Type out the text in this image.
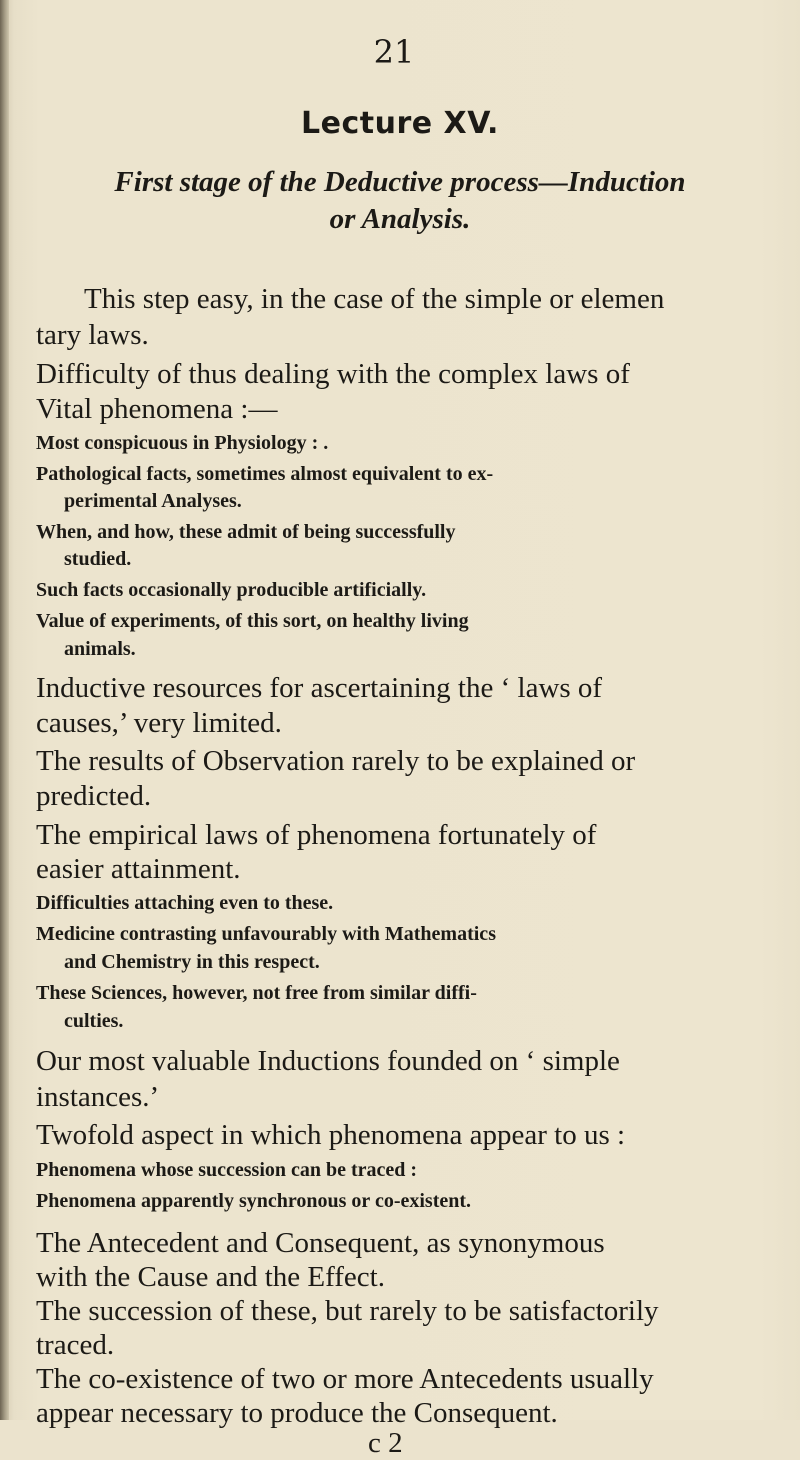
21
Lecture XV.
First stage of the Deductive process—Induction
or Analysis.

This step easy, in the case of the simple or elemen

tary laws.

Difficulty of thus dealing with the complex laws of

Vital phenomena :—

Most conspicuous in Physiology : .

Pathological facts, sometimes almost equivalent to ex-

perimental Analyses.

When, and how, these admit of being successfully

studied.

Such facts occasionally producible artificially.

Value of experiments, of this sort, on healthy living

animals.

Inductive resources for ascertaining the ‘ laws of

causes,’ very limited.

The results of Observation rarely to be explained or

predicted.

The empirical laws of phenomena fortunately of

easier attainment.

Difficulties attaching even to these.

Medicine contrasting unfavourably with Mathematics

and Chemistry in this respect.

These Sciences, however, not free from similar diffi-

culties.

Our most valuable Inductions founded on ‘ simple

instances.’

Twofold aspect in which phenomena appear to us :

Phenomena whose succession can be traced :

Phenomena apparently synchronous or co-existent.

The Antecedent and Consequent, as synonymous

with the Cause and the Effect.

The succession of these, but rarely to be satisfactorily

traced.

The co-existence of two or more Antecedents usually

appear necessary to produce the Consequent.

c 2
